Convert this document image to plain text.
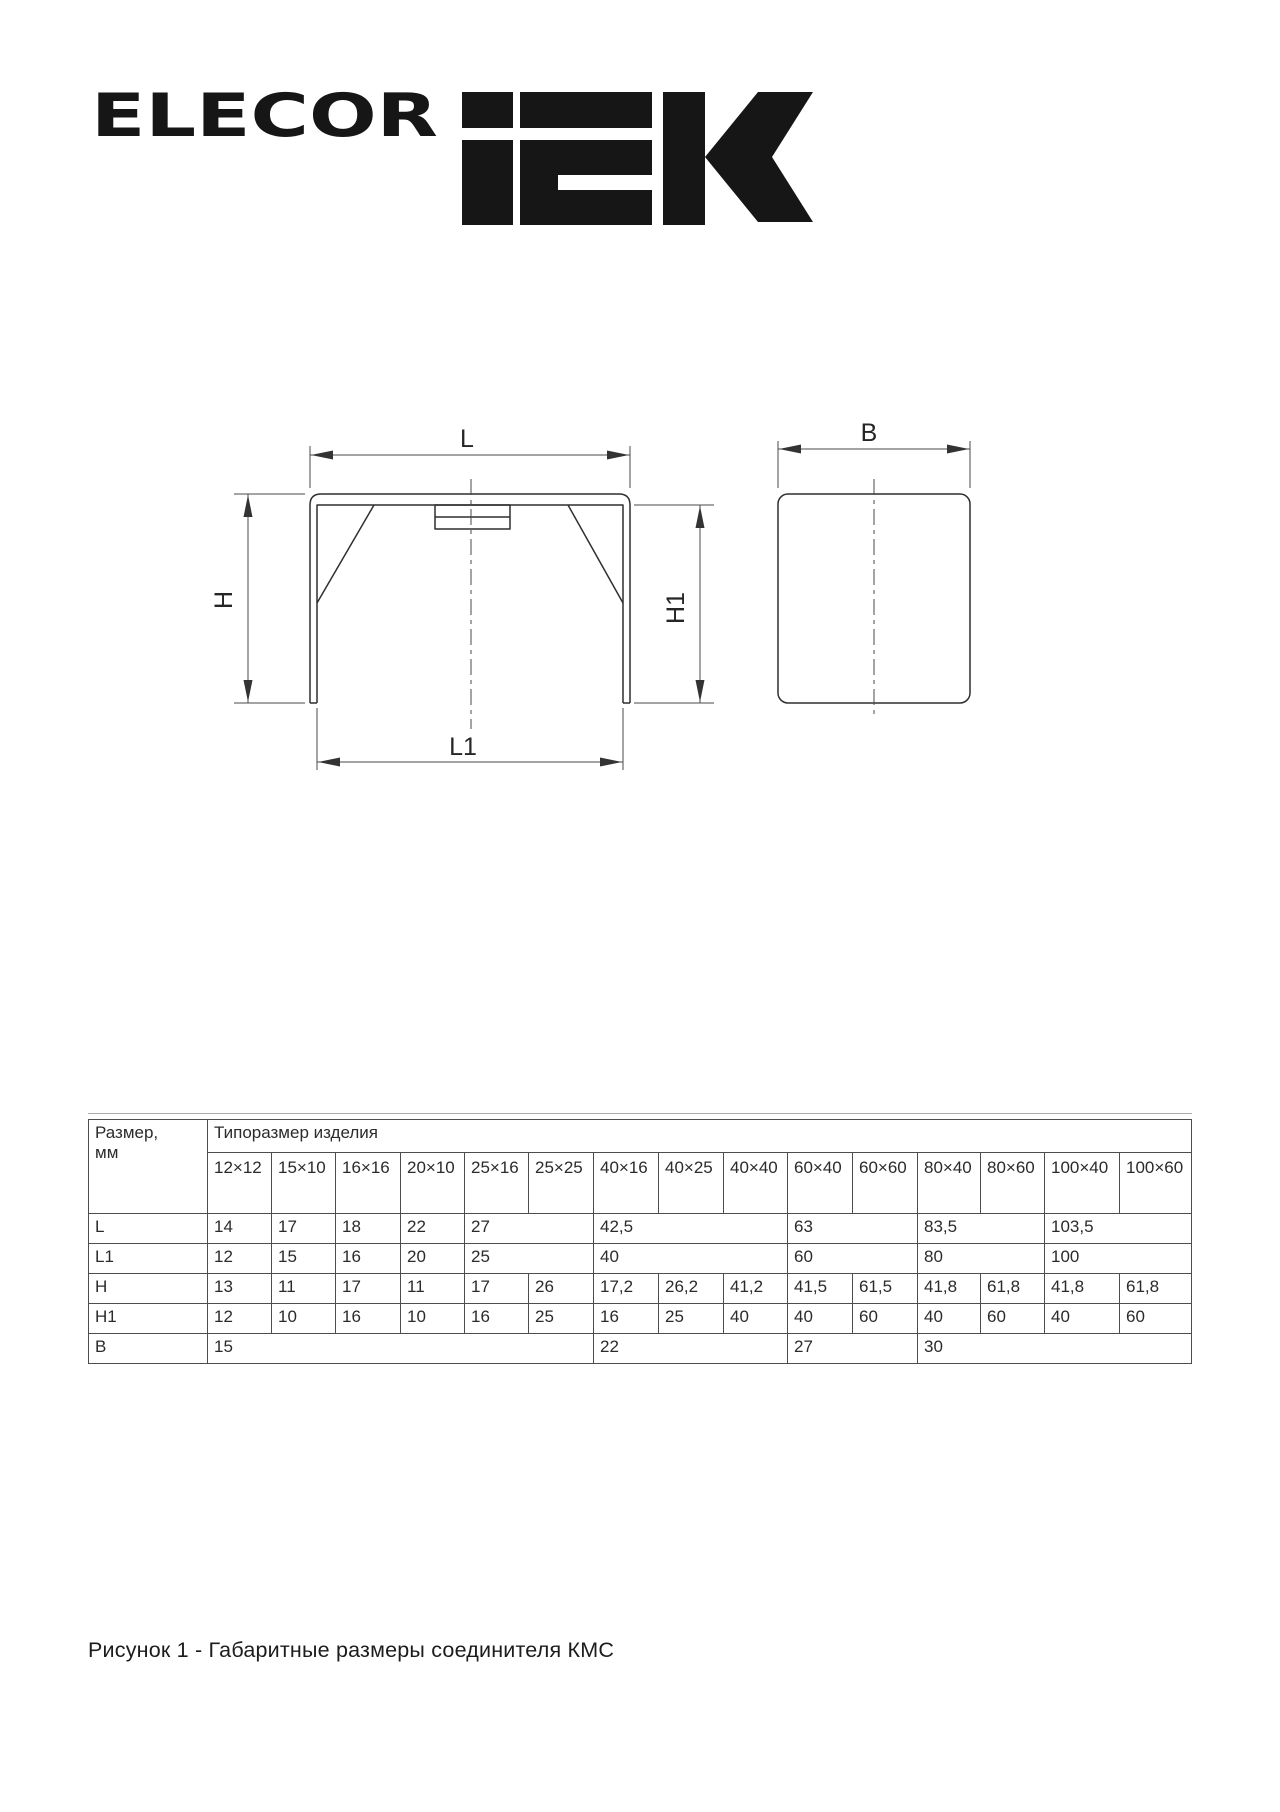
ELECOR
L
H
L1
H1
B
Размер,
мм	Типоразмер изделия														
	12×12	15×10	16×16	20×10	25×16	25×25	40×16	40×25	40×40	60×40	60×60	80×40	80×60	100×40	100×60
L	14	17	18	22	27		42,5			63		83,5		103,5	
L1	12	15	16	20	25		40			60		80		100	
H	13	11	17	11	17	26	17,2	26,2	41,2	41,5	61,5	41,8	61,8	41,8	61,8
H1	12	10	16	10	16	25	16	25	40	40	60	40	60	40	60
B	15						22			27		30			
Рисунок 1 - Габаритные размеры соединителя КМС
